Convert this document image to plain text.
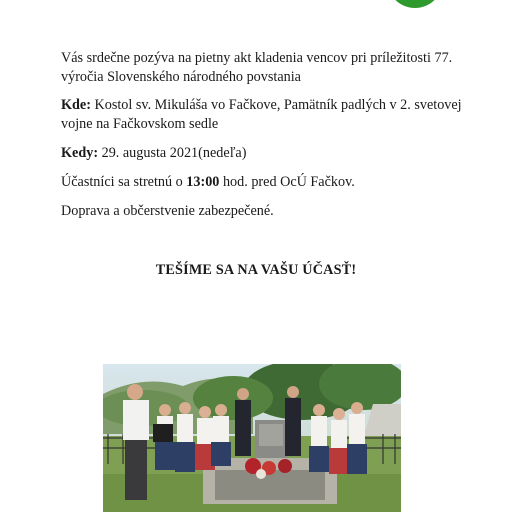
Vás srdečne pozýva na pietny akt kladenia vencov pri príležitosti 77. výročia Slovenského národného povstania

Kde: Kostol sv. Mikuláša vo Fačkove, Pamätník padlých v 2. svetovej vojne na Fačkovskom sedle

Kedy: 29. augusta 2021(nedeľa)

Účastníci sa stretnú o 13:00 hod. pred OcÚ Fačkov.

Doprava a občerstvenie zabezpečené.

TEŠÍME SA NA VAŠU ÚČASŤ!
